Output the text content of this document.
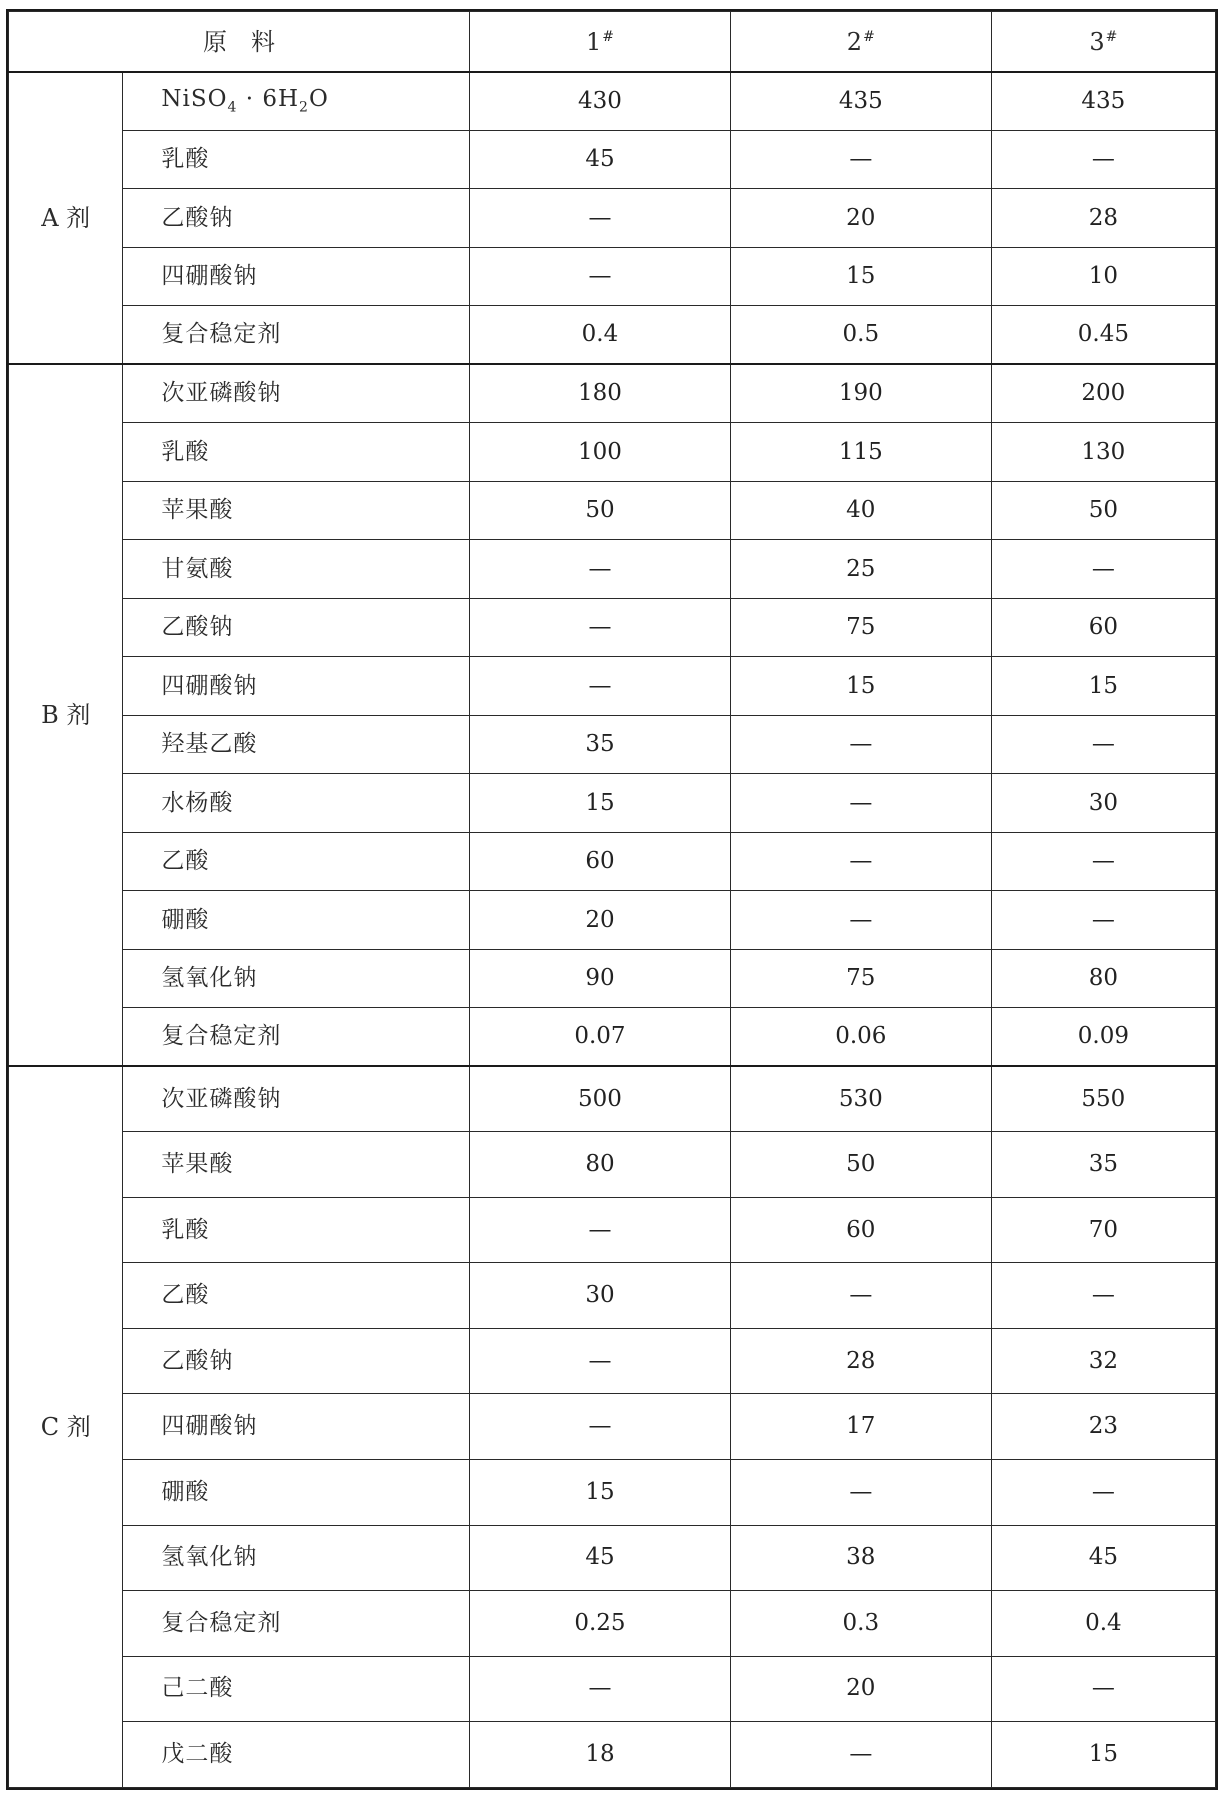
原　料		1#	2#	3#
A 剂	NiSO$_4$ · $6H_2O$	430	435	435
	乳酸	45	—	—
	乙酸钠	—	20	28
	四硼酸钠	—	15	10
	复合稳定剂	0.4	0.5	0.45
B 剂	次亚磷酸钠	180	190	200
	乳酸	100	115	130
	苹果酸	50	40	50
	甘氨酸	—	25	—
	乙酸钠	—	75	60
	四硼酸钠	—	15	15
	羟基乙酸	35	—	—
	水杨酸	15	—	30
	乙酸	60	—	—
	硼酸	20	—	—
	氢氧化钠	90	75	80
	复合稳定剂	0.07	0.06	0.09
C 剂	次亚磷酸钠	500	530	550
	苹果酸	80	50	35
	乳酸	—	60	70
	乙酸	30	—	—
	乙酸钠	—	28	32
	四硼酸钠	—	17	23
	硼酸	15	—	—
	氢氧化钠	45	38	45
	复合稳定剂	0.25	0.3	0.4
	己二酸	—	20	—
	戊二酸	18	—	15
